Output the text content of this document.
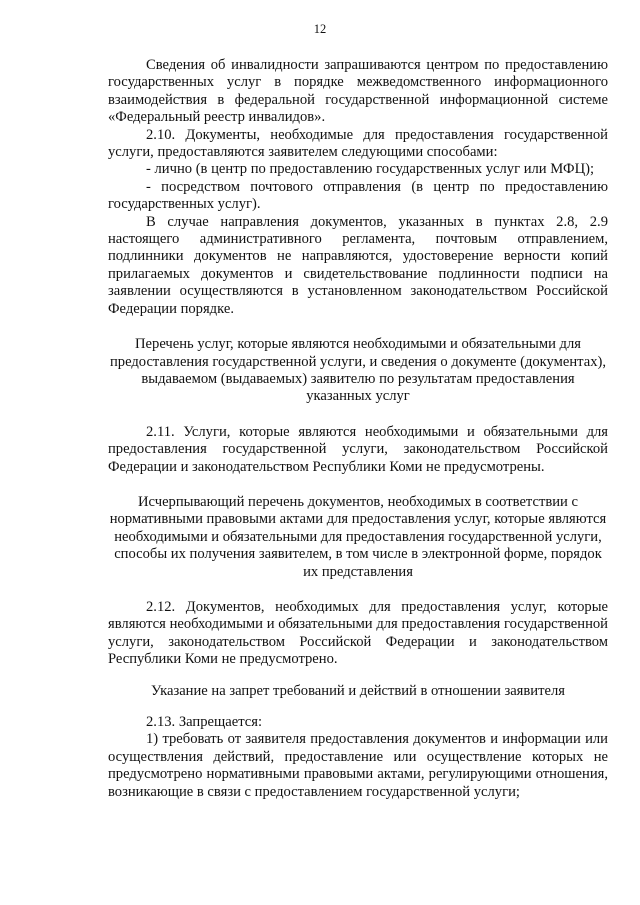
12

Сведения об инвалидности запрашиваются центром по предоставлению государственных услуг в порядке межведомственного информационного взаимодействия в федеральной государственной информационной системе «Федеральный реестр инвалидов».

2.10. Документы, необходимые для предоставления государственной услуги, предоставляются заявителем следующими способами:

- лично (в центр по предоставлению государственных услуг или МФЦ);

- посредством почтового отправления (в центр по предоставлению государственных услуг).

В случае направления документов, указанных в пунктах 2.8, 2.9 настоящего административного регламента, почтовым отправлением, подлинники документов не направляются, удостоверение верности копий прилагаемых документов и свидетельствование подлинности подписи на заявлении осуществляются в установленном законодательством Российской Федерации порядке.

Перечень услуг, которые являются необходимыми и обязательными для предоставления государственной услуги, и сведения о документе (документах), выдаваемом (выдаваемых) заявителю по результатам предоставления указанных услуг

2.11. Услуги, которые являются необходимыми и обязательными для предоставления государственной услуги, законодательством Российской Федерации и законодательством Республики Коми не предусмотрены.

Исчерпывающий перечень документов, необходимых в соответствии с нормативными правовыми актами для предоставления услуг, которые являются необходимыми и обязательными для предоставления государственной услуги, способы их получения заявителем, в том числе в электронной форме, порядок их представления

2.12. Документов, необходимых для предоставления услуг, которые являются необходимыми и обязательными для предоставления государственной услуги, законодательством Российской Федерации и законодательством Республики Коми не предусмотрено.

Указание на запрет требований и действий в отношении заявителя

2.13. Запрещается:

1) требовать от заявителя предоставления документов и информации или осуществления действий, предоставление или осуществление которых не предусмотрено нормативными правовыми актами, регулирующими отношения, возникающие в связи с предоставлением государственной услуги;
